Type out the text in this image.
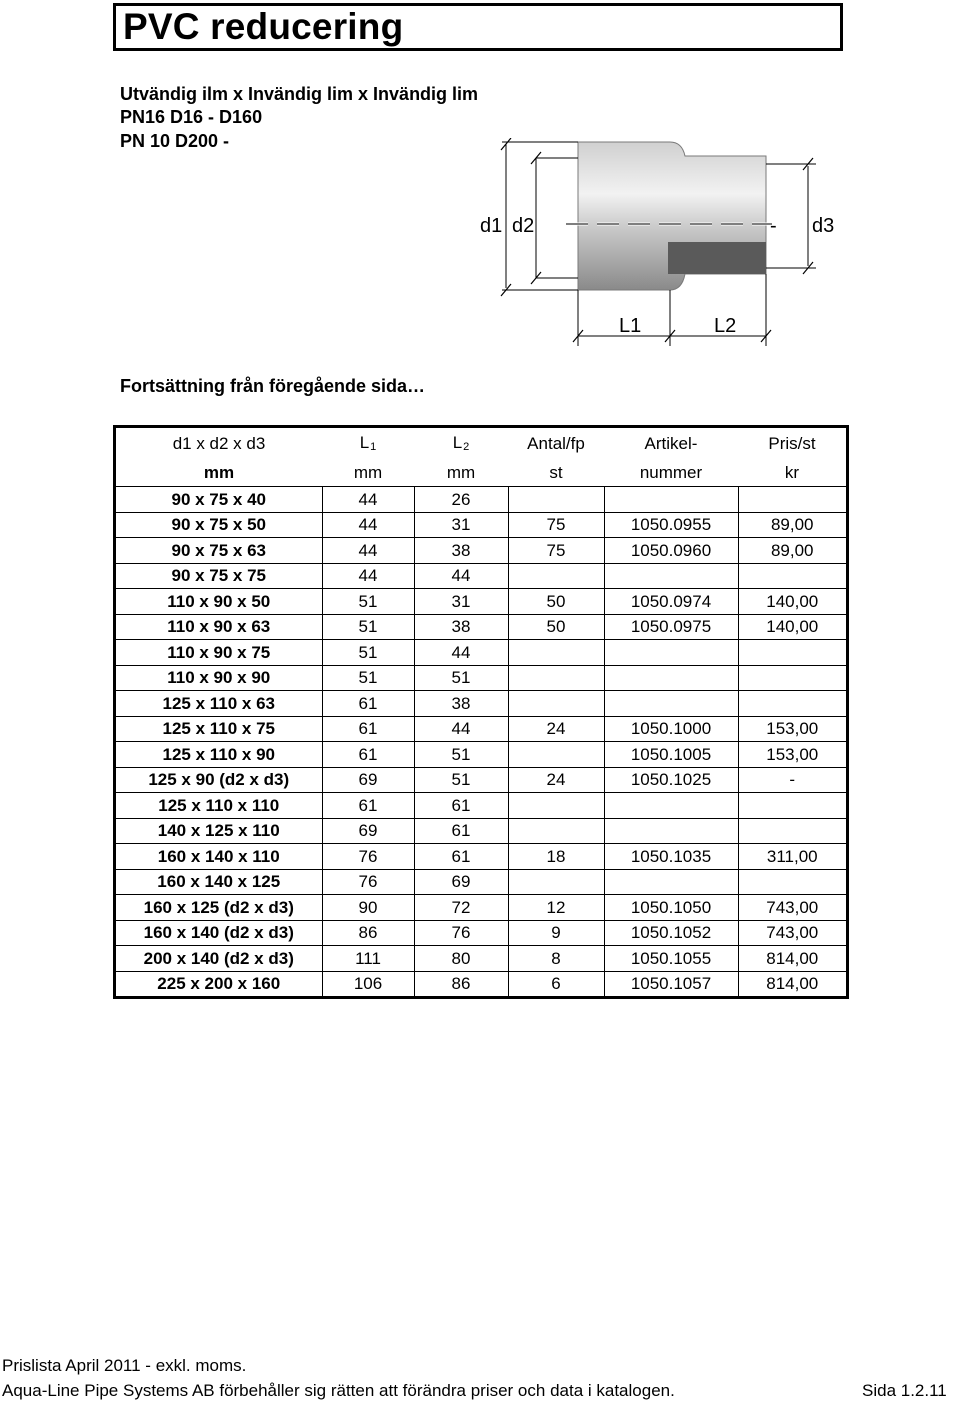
PVC reducering
Utvändig ilm x Invändig lim x Invändig lim
PN16 D16 - D160
PN 10 D200 -
d1 d2	- d3
L1	L2
Fortsättning från föregående sida…
d1 x d2 x d3	L1	L2	Antal/fp	Artikel-	Pris/st
mm	mm	mm	st	nummer	kr
90 x 75 x 40	44	26			
90 x 75 x 50	44	31	75	1050.0955	89,00
90 x 75 x 63	44	38	75	1050.0960	89,00
90 x 75 x 75	44	44			
110 x 90 x 50	51	31	50	1050.0974	140,00
110 x 90 x 63	51	38	50	1050.0975	140,00
110 x 90 x 75	51	44			
110 x 90 x 90	51	51			
125 x 110 x 63	61	38			
125 x 110 x 75	61	44	24	1050.1000	153,00
125 x 110 x 90	61	51		1050.1005	153,00
125 x 90 (d2 x d3)	69	51	24	1050.1025	-
125 x 110 x 110	61	61			
140 x 125 x 110	69	61			
160 x 140 x 110	76	61	18	1050.1035	311,00
160 x 140 x 125	76	69			
160 x 125 (d2 x d3)	90	72	12	1050.1050	743,00
160 x 140 (d2 x d3)	86	76	9	1050.1052	743,00
200 x 140 (d2 x d3)	111	80	8	1050.1055	814,00
225 x 200 x 160	106	86	6	1050.1057	814,00
Prislista April 2011 - exkl. moms.
Aqua-Line Pipe Systems AB förbehåller sig rätten att förändra priser och data i katalogen.	Sida 1.2.11
